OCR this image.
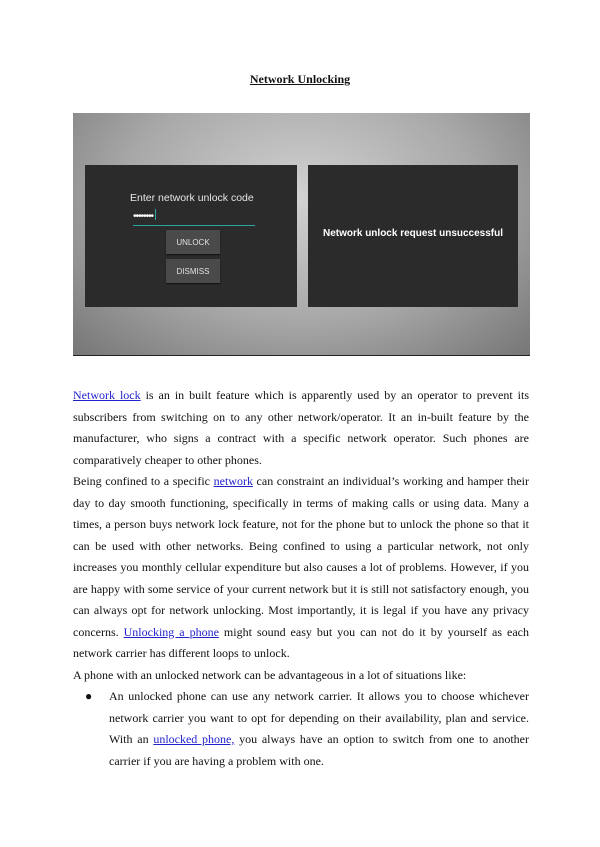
Network Unlocking
Enter network unlock code
••••••••
UNLOCK
DISMISS
Network unlock request unsuccessful

Network lock is an in built feature which is apparently used by an operator to prevent its subscribers from switching on to any other network/operator. It an in-built feature by the manufacturer, who signs a contract with a specific network operator. Such phones are comparatively cheaper to other phones.

Being confined to a specific network can constraint an individual’s working and hamper their day to day smooth functioning, specifically in terms of making calls or using data. Many a times, a person buys network lock feature, not for the phone but to unlock the phone so that it can be used with other networks. Being confined to using a particular network, not only increases you monthly cellular expenditure but also causes a lot of problems. However, if you are happy with some service of your current network but it is still not satisfactory enough, you can always opt for network unlocking. Most importantly, it is legal if you have any privacy concerns. Unlocking a phone might sound easy but you can not do it by yourself as each network carrier has different loops to unlock.

A phone with an unlocked network can be advantageous in a lot of situations like:

● An unlocked phone can use any network carrier. It allows you to choose whichever network carrier you want to opt for depending on their availability, plan and service. With an unlocked phone, you always have an option to switch from one to another carrier if you are having a problem with one.
